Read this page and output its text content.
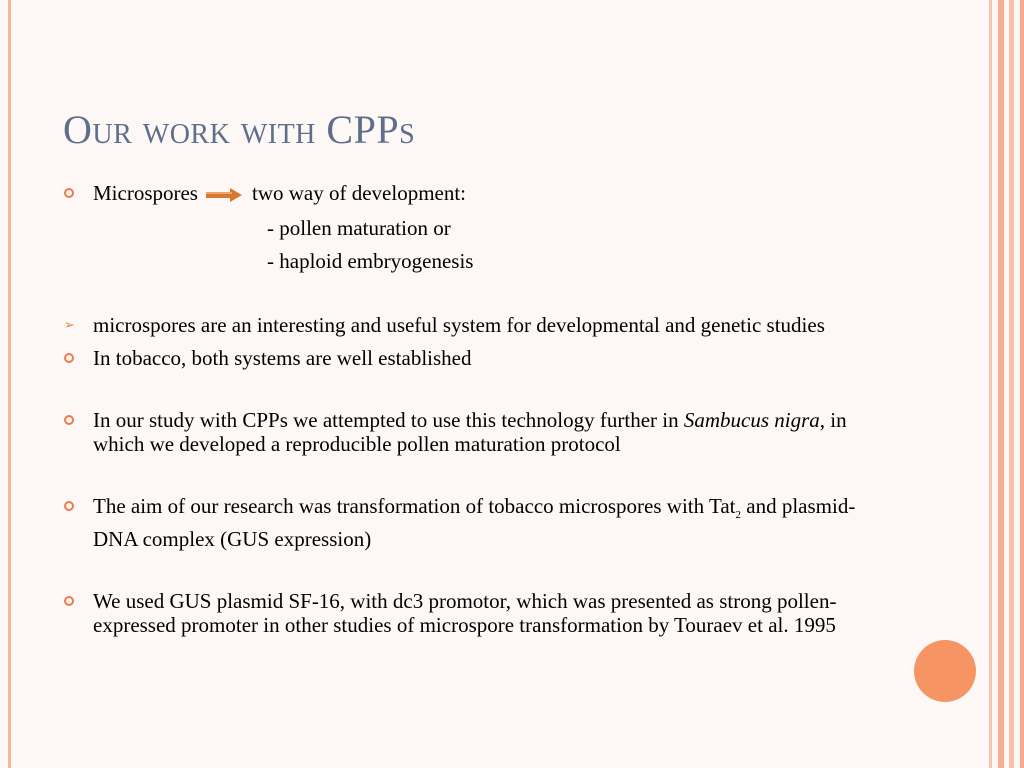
Our work with CPPs
Microspores	two way of development:
- pollen maturation or
- haploid embryogenesis
➢ microspores are an interesting and useful system for developmental and genetic studies
In tobacco, both systems are well established
In our study with CPPs we attempted to use this technology further in Sambucus nigra, in which we developed a reproducible pollen maturation protocol
The aim of our research was transformation of tobacco microspores with Tat$_2$ and plasmid-DNA complex (GUS expression)
We used GUS plasmid SF-16, with dc3 promotor, which was presented as strong pollen-expressed promoter in other studies of microspore transformation by Touraev et al. 1995
